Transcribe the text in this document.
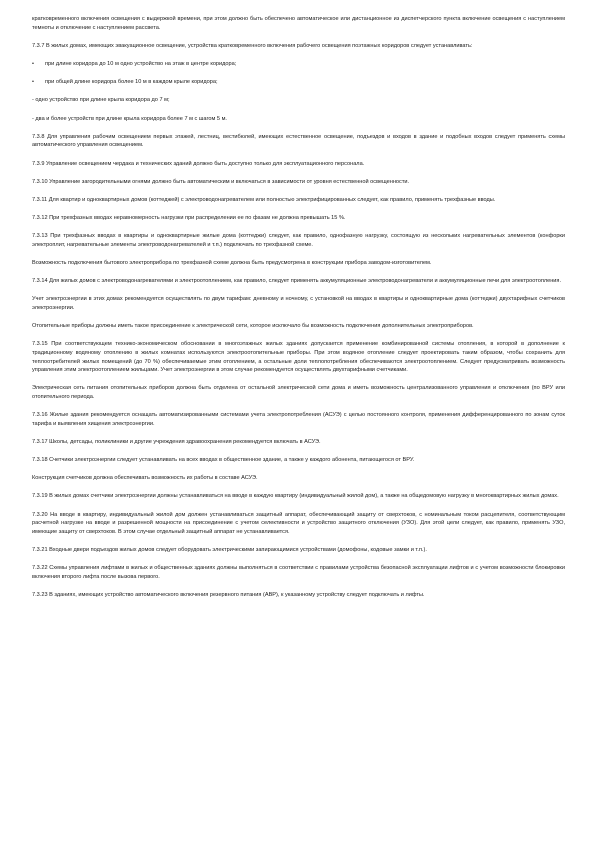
кратковременного включения освещения с выдержкой времени, при этом должно быть обеспечено автоматическое или дистанционное из диспетчерского пункта включение освещения с наступлением темноты и отключение с наступлением рассвета.

7.3.7 В жилых домах, имеющих эвакуационное освещение, устройства кратковременного включения рабочего освещения поэтажных коридоров следует устанавливать:

•	при длине коридора до 10 м одно устройство на этаж в центре коридора;
•	при общей длине коридора более 10 м в каждом крыле коридора;

- одно устройство при длине крыла коридора до 7 м;

- два и более устройств при длине крыла коридора более 7 м с шагом 5 м.

7.3.8 Для управления рабочим освещением первых этажей, лестниц, вестибюлей, имеющих естественное освещение, подъездов и входов в здание и подобных входов следует применять схемы автоматического управления освещением.

7.3.9 Управление освещением чердака и технических зданий должно быть доступно только для эксплуатационного персонала.

7.3.10 Управление загородительными огнями должно быть автоматическим и включаться в зависимости от уровня естественной освещенности.

7.3.11 Для квартир и одноквартирных домов (коттеджей) с электроводонагревателем или полностью электрифицированных следует, как правило, применять трехфазные вводы.

7.3.12 При трехфазных вводах неравномерность нагрузки при распределении ее по фазам не должна превышать 15 %.

7.3.13 При трехфазных вводах в квартиры и одноквартирные жилые дома (коттеджи) следует, как правило, однофазную нагрузку, состоящую из нескольких нагревательных элементов (конфорки электроплит, нагревательные элементы электроводонагревателей и т.п.) подключать по трехфазной схеме.

Возможность подключения бытового электроприбора по трехфазной схеме должна быть предусмотрена в конструкции прибора заводом-изготовителем.

7.3.14 Для жилых домов с электроводонагревателями и электроотоплением, как правило, следует применять аккумуляционные электроводонагреватели и аккумуляционные печи для электроотопления.

Учет электроэнергии в этих домах рекомендуется осуществлять по двум тарифам: дневному и ночному, с установкой на вводах в квартиры и одноквартирные дома (коттеджи) двухтарифных счетчиков электроэнергии.

Отопительные приборы должны иметь такое присоединение к электрической сети, которое исключало бы возможность подключения дополнительных электроприборов.

7.3.15 При соответствующем технико-экономическом обосновании в многоэтажных жилых зданиях допускается применение комбинированной системы отопления, в которой в дополнение к традиционному водяному отоплению в жилых комнатах используются электроотопительные приборы. При этом водяное отопление следует проектировать таким образом, чтобы сохранить для теплоотребителей жилых помещений (до 70 %) обеспечиваемые этим отоплением, а остальные доли теплопотребления обеспечиваются электроотоплением. Следует предусматривать возможность управления этим электроотоплением жильцами. Учет электроэнергии в этом случае рекомендуется осуществлять двухтарифными счетчиками.

Электрическая сеть питания отопительных приборов должна быть отделена от остальной электрической сети дома и иметь возможность централизованного управления и отключения (по ВРУ или отопительного периода.

7.3.16 Жилые здания рекомендуется оснащать автоматизированными системами учета электропотребления (АСУЭ) с целью постоянного контроля, применения дифференцированного по зонам суток тарифа и выявления хищения электроэнергии.

7.3.17 Школы, детсады, поликлиники и другие учреждения здравоохранения рекомендуется включать в АСУЭ.

7.3.18 Счетчики электроэнергии следует устанавливать на всех вводах в общественное здание, а также у каждого абонента, питающегося от ВРУ.

Конструкция счетчиков должна обеспечивать возможность их работы в составе АСУЭ.

7.3.19 В жилых домах счетчики электроэнергии должны устанавливаться на вводе в каждую квартиру (индивидуальный жилой дом), а также на общедомовую нагрузку в многоквартирных жилых домах.

7.3.20 На вводе в квартиру, индивидуальный жилой дом должен устанавливаться защитный аппарат, обеспечивающий защиту от сверхтоков, с номинальным током расцепителя, соответствующим расчетной нагрузке на вводе и разрешенной мощности на присоединение с учетом селективности и устройство защитного отключения (УЗО). Для этой цели следует, как правило, применять УЗО, имеющие защиту от сверхтоков. В этом случае отдельный защитный аппарат не устанавливается.

7.3.21 Входные двери подъездов жилых домов следует оборудовать электрическими запирающимися устройствами (домофоны, кодовые замки и т.п.).

7.3.22 Схемы управления лифтами в жилых и общественных зданиях должны выполняться в соответствии с правилами устройства безопасной эксплуатации лифтов и с учетом возможности блокировки включения второго лифта после вызова первого.

7.3.23 В зданиях, имеющих устройство автоматического включения резервного питания (АВР), к указанному устройству следует подключать и лифты.
